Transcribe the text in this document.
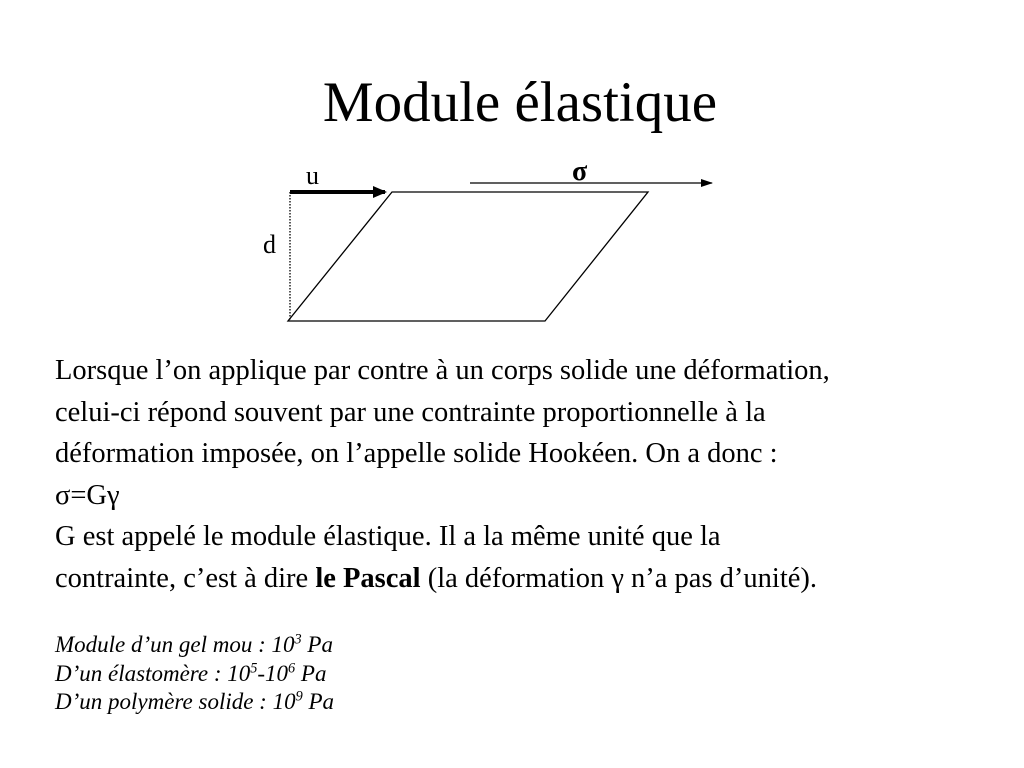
Module élastique
u	σ
d

Lorsque l’on applique par contre à un corps solide une déformation,

celui-ci répond souvent par une contrainte proportionnelle à la

déformation imposée, on l’appelle solide Hookéen. On a donc :

σ=Gγ

G est appelé le module élastique. Il a la même unité que la

contrainte, c’est à dire le Pascal (la déformation γ n’a pas d’unité).

Module d’un gel mou : $10^3$ Pa

D’un élastomère : $10^5-10^6$ Pa

D’un polymère solide : $10^9$ Pa
